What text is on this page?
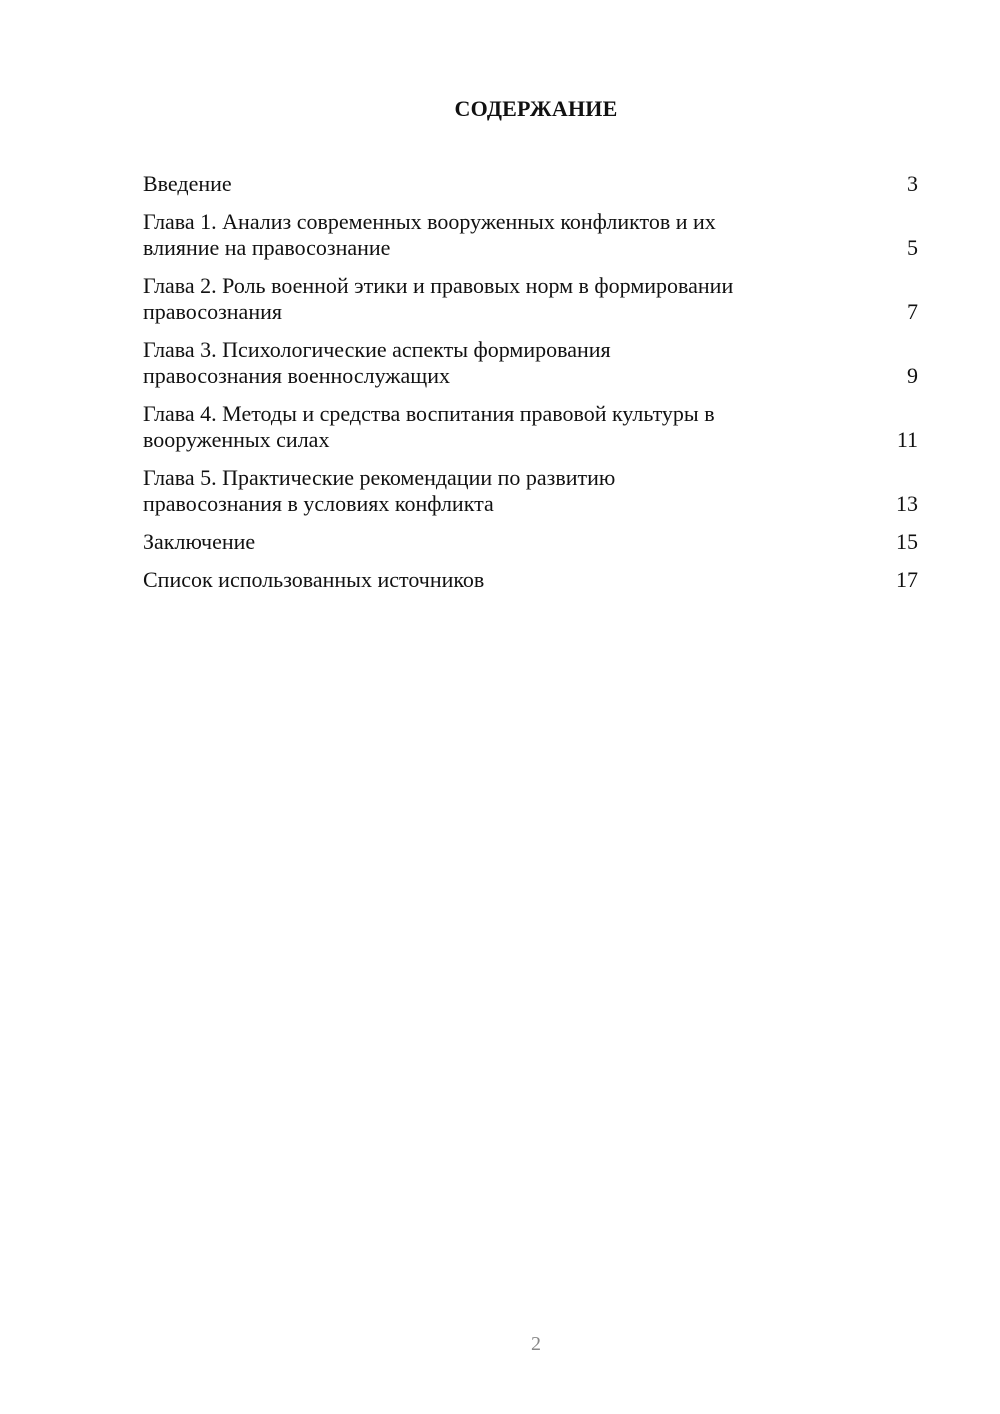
СОДЕРЖАНИЕ
Введение	3
Глава 1. Анализ современных вооруженных конфликтов и их
влияние на правосознание	5
Глава 2. Роль военной этики и правовых норм в формировании
правосознания	7
Глава 3. Психологические аспекты формирования
правосознания военнослужащих	9
Глава 4. Методы и средства воспитания правовой культуры в
вооруженных силах	11
Глава 5. Практические рекомендации по развитию
правосознания в условиях конфликта	13
Заключение	15
Список использованных источников	17
2
